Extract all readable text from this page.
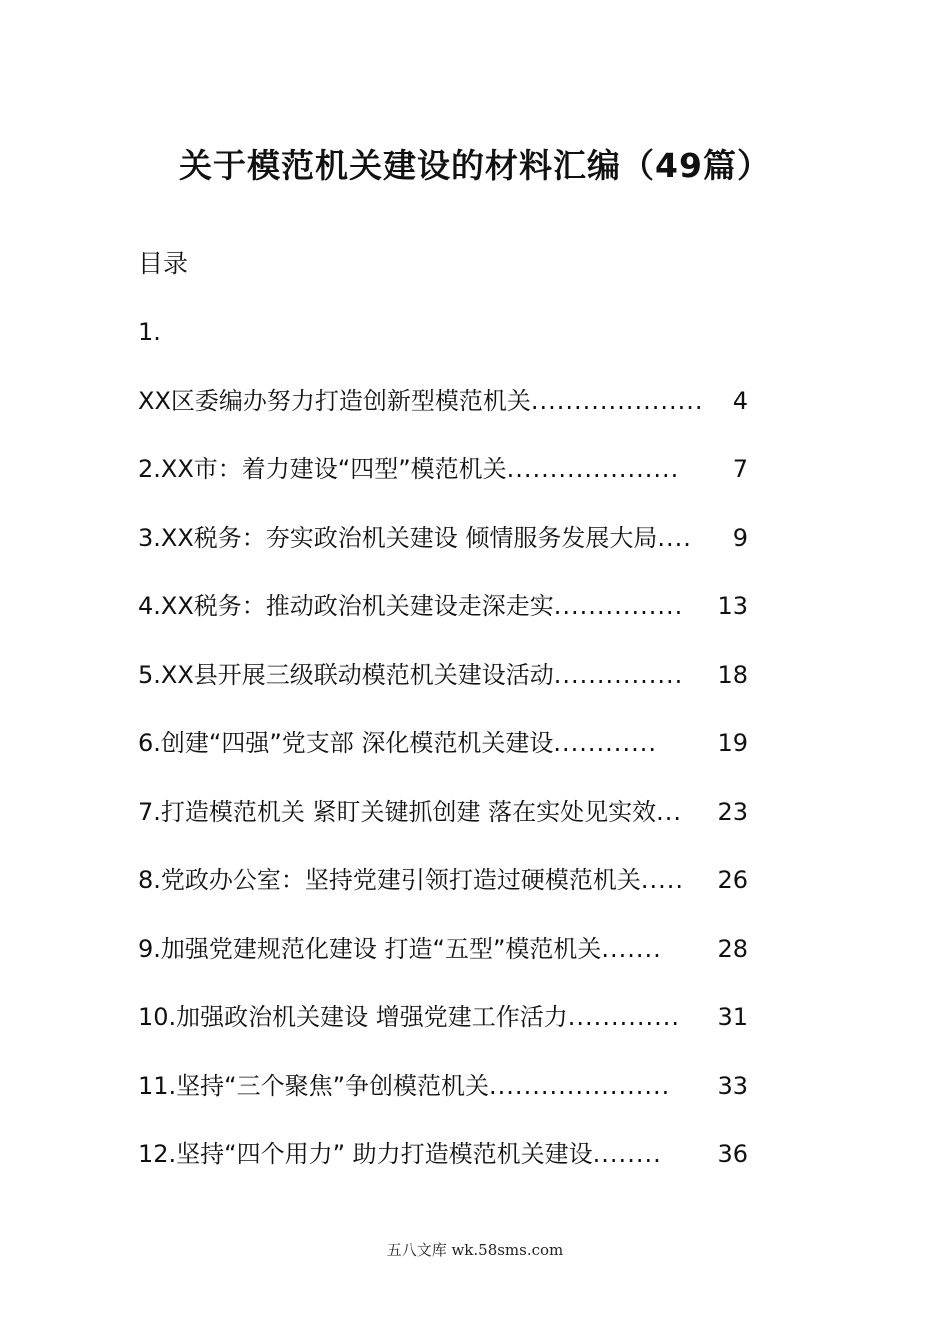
关于模范机关建设的材料汇编（49篇）
目录
1.
XX区委编办努力打造创新型模范机关 ....................	4
2.XX市：着力建设“四型”模范机关 ....................	7
3.XX税务：夯实政治机关建设 倾情服务发展大局 ....	9
4.XX税务：推动政治机关建设走深走实 ...............	13
5.XX县开展三级联动模范机关建设活动 ...............	18
6.创建“四强”党支部 深化模范机关建设 ............	19
7.打造模范机关 紧盯关键抓创建 落在实处见实效 ...	23
8.党政办公室：坚持党建引领打造过硬模范机关 .....	26
9.加强党建规范化建设 打造“五型”模范机关 .......	28
10.加强政治机关建设 增强党建工作活力 .............	31
11.坚持“三个聚焦”争创模范机关 .....................	33
12.坚持“四个用力” 助力打造模范机关建设 ........	36
五八文库 wk.58sms.com
